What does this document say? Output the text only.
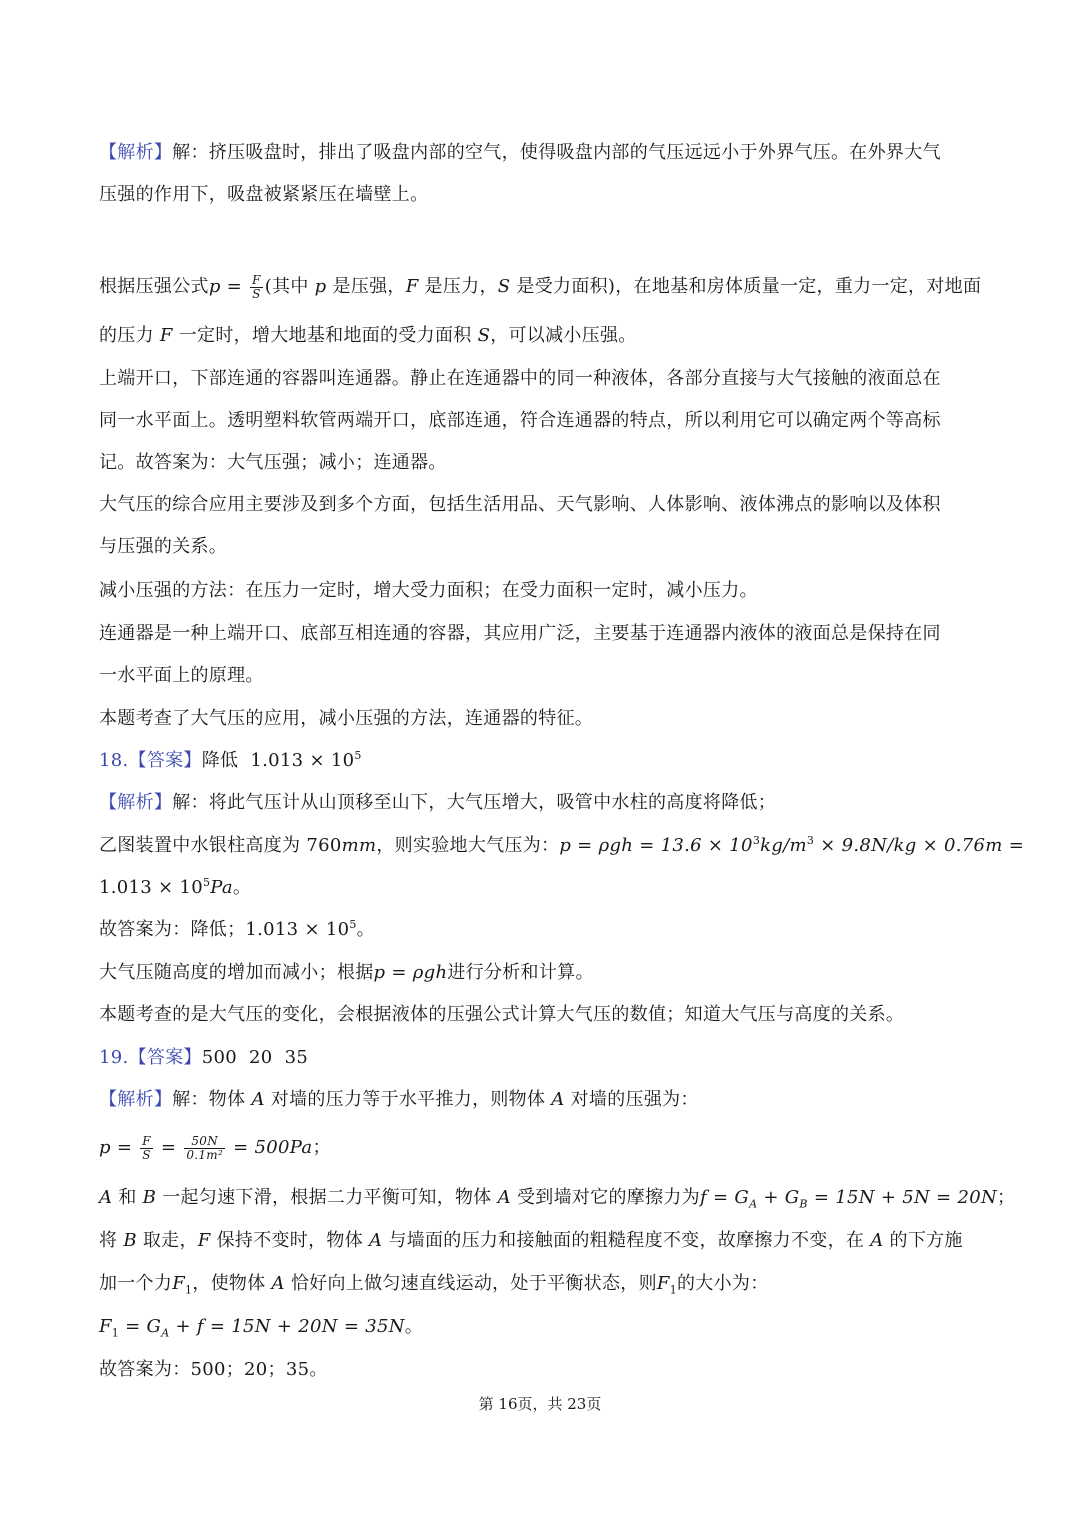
【解析】解：挤压吸盘时，排出了吸盘内部的空气，使得吸盘内部的气压远远小于外界气压。在外界大气
压强的作用下，吸盘被紧紧压在墙壁上。
根据压强公式$p = \frac{F}{S}$ (其中 p 是压强，F 是压力，S 是受力面积)，在地基和房体质量一定，重力一定，对地面
的压力 F 一定时，增大地基和地面的受力面积 S，可以减小压强。
上端开口，下部连通的容器叫连通器。静止在连通器中的同一种液体，各部分直接与大气接触的液面总在
同一水平面上。透明塑料软管两端开口，底部连通，符合连通器的特点，所以利用它可以确定两个等高标
记。故答案为：大气压强；减小；连通器。
大气压的综合应用主要涉及到多个方面，包括生活用品、天气影响、人体影响、液体沸点的影响以及体积
与压强的关系。
减小压强的方法：在压力一定时，增大受力面积；在受力面积一定时，减小压力。
连通器是一种上端开口、底部互相连通的容器，其应用广泛，主要基于连通器内液体的液面总是保持在同
一水平面上的原理。
本题考查了大气压的应用，减小压强的方法，连通器的特征。
18.【答案】降低 $1.013 \times 10^5$
【解析】解：将此气压计从山顶移至山下，大气压增大，吸管中水柱的高度将降低；
乙图装置中水银柱高度为 760mm，则实验地大气压为：$p = \rho gh = 13.6 \times 10^3kg/m^3 \times 9.8N/kg \times 0.76m$ =
$1.013 \times 10^5Pa$。
故答案为：降低；$1.013 \times 10^5$。
大气压随高度的增加而减小；根据p = ρgh进行分析和计算。
本题考查的是大气压的变化，会根据液体的压强公式计算大气压的数值；知道大气压与高度的关系。
19.【答案】500  20  35
【解析】解：物体 A 对墙的压力等于水平推力，则物体 A 对墙的压强为：
$p = \frac{F}{S} = \frac{50N}{\text{0.1m²}} = 500Pa$；
A 和 B 一起匀速下滑，根据二力平衡可知，物体 A 受到墙对它的摩擦力为$f = G_A + G_B = 15N + 5N = 20N$；
将 B 取走，F 保持不变时，物体 A 与墙面的压力和接触面的粗糙程度不变，故摩擦力不变，在 A 的下方施
加一个力$F_1$，使物体 A 恰好向上做匀速直线运动，处于平衡状态，则$F_1$的大小为：
$F_1 = G_A + f = 15N + 20N = 35N$。
故答案为：500；20；35。
第 16页，共 23页
